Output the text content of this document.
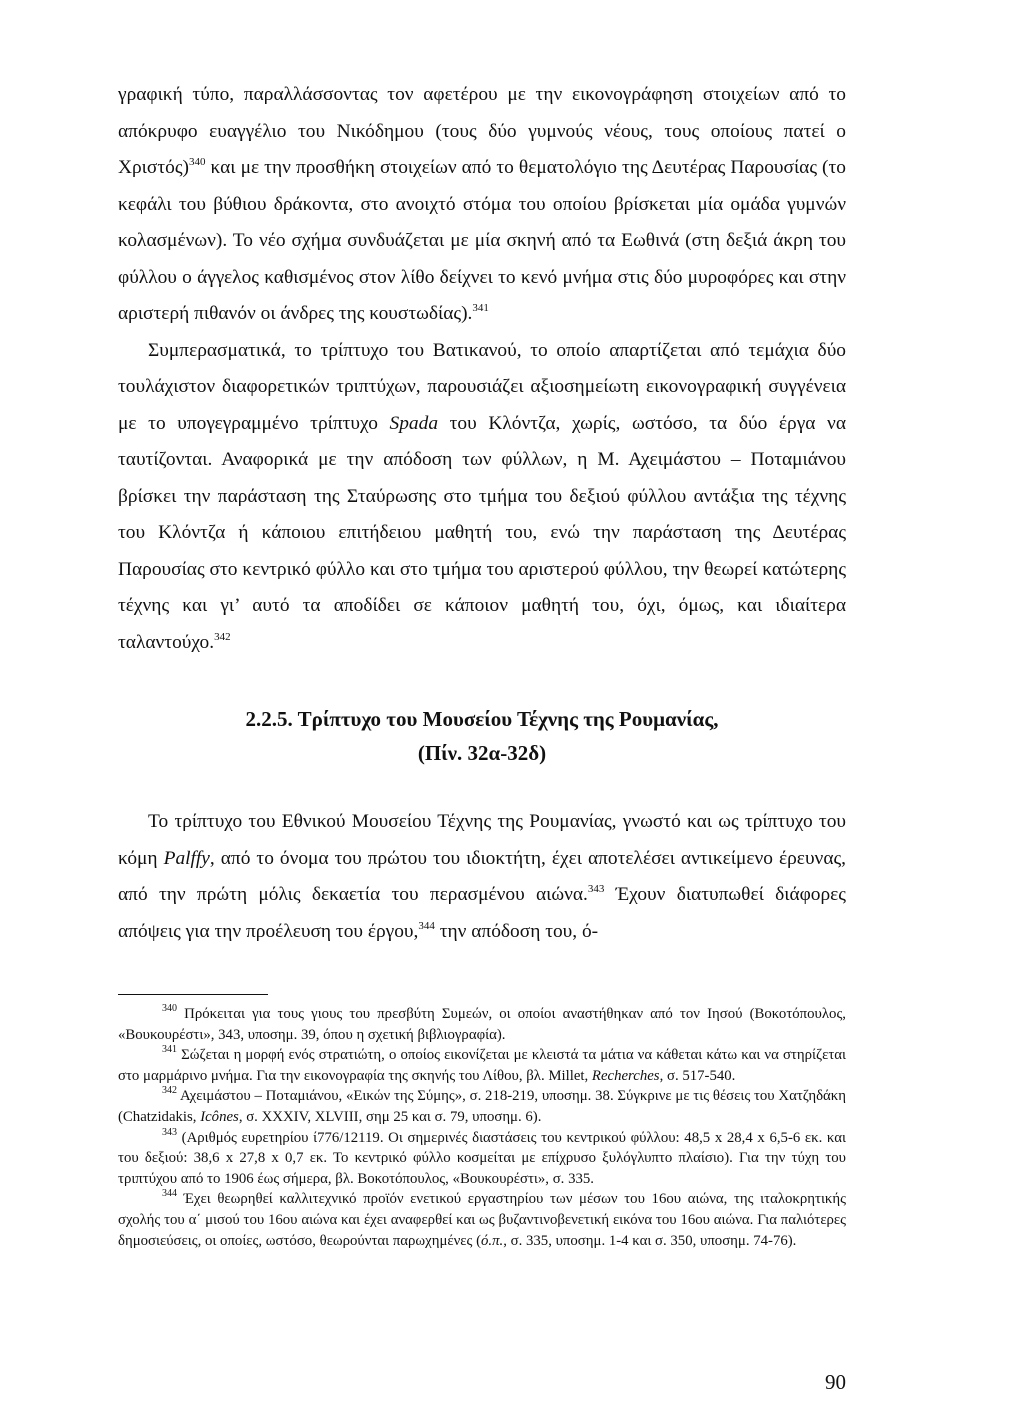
γραφική τύπο, παραλλάσσοντας τον αφετέρου με την εικονογράφηση στοιχείων από το απόκρυφο ευαγγέλιο του Νικόδημου (τους δύο γυμνούς νέους, τους οποίους πατεί ο Χριστός)$^{340}$ και με την προσθήκη στοιχείων από το θεματολόγιο της Δευτέρας Παρουσίας (το κεφάλι του βύθιου δράκοντα, στο ανοιχτό στόμα του οποίου βρίσκεται μία ομάδα γυμνών κολασμένων). Το νέο σχήμα συνδυάζεται με μία σκηνή από τα Εωθινά (στη δεξιά άκρη του φύλλου ο άγγελος καθισμένος στον λίθο δείχνει το κενό μνήμα στις δύο μυροφόρες και στην αριστερή πιθανόν οι άνδρες της κουστωδίας).$^{341}$

Συμπερασματικά, το τρίπτυχο του Βατικανού, το οποίο απαρτίζεται από τεμάχια δύο τουλάχιστον διαφορετικών τριπτύχων, παρουσιάζει αξιοσημείωτη εικονογραφική συγγένεια με το υπογεγραμμένο τρίπτυχο Spada του Κλόντζα, χωρίς, ωστόσο, τα δύο έργα να ταυτίζονται. Αναφορικά με την απόδοση των φύλλων, η Μ. Αχειμάστου – Ποταμιάνου βρίσκει την παράσταση της Σταύρωσης στο τμήμα του δεξιού φύλλου αντάξια της τέχνης του Κλόντζα ή κάποιου επιτήδειου μαθητή του, ενώ την παράσταση της Δευτέρας Παρουσίας στο κεντρικό φύλλο και στο τμήμα του αριστερού φύλλου, την θεωρεί κατώτερης τέχνης και γι’ αυτό τα αποδίδει σε κάποιον μαθητή του, όχι, όμως, και ιδιαίτερα ταλαντούχο.$^{342}$

2.2.5. Τρίπτυχο του Μουσείου Τέχνης της Ρουμανίας,
(Πίν. 32α-32δ)

Το τρίπτυχο του Εθνικού Μουσείου Τέχνης της Ρουμανίας, γνωστό και ως τρίπτυχο του κόμη Palffy, από το όνομα του πρώτου του ιδιοκτήτη, έχει αποτελέσει αντικείμενο έρευνας, από την πρώτη μόλις δεκαετία του περασμένου αιώνα.$^{343}$ Έχουν διατυπωθεί διάφορες απόψεις για την προέλευση του έργου,$^{344}$ την απόδοση του, ό-

$^{340}$ Πρόκειται για τους γιους του πρεσβύτη Συμεών, οι οποίοι αναστήθηκαν από τον Ιησού (Βοκοτόπουλος, «Βουκουρέστι», 343, υποσημ. 39, όπου η σχετική βιβλιογραφία).

$^{341}$ Σώζεται η μορφή ενός στρατιώτη, ο οποίος εικονίζεται με κλειστά τα μάτια να κάθεται κάτω και να στηρίζεται στο μαρμάρινο μνήμα. Για την εικονογραφία της σκηνής του Λίθου, βλ. Millet, Recherches, σ. 517-540.

$^{342}$ Αχειμάστου – Ποταμιάνου, «Εικών της Σύμης», σ. 218-219, υποσημ. 38. Σύγκρινε με τις θέσεις του Χατζηδάκη (Chatzidakis, Icônes, σ. XXXIV, XLVIII, σημ 25 και σ. 79, υποσημ. 6).

$^{343}$ (Αριθμός ευρετηρίου ί776/12119. Οι σημερινές διαστάσεις του κεντρικού φύλλου: 48,5 x 28,4 x 6,5-6 εκ. και του δεξιού: 38,6 x 27,8 x 0,7 εκ. Το κεντρικό φύλλο κοσμείται με επίχρυσο ξυλόγλυπτο πλαίσιο). Για την τύχη του τριπτύχου από το 1906 έως σήμερα, βλ. Βοκοτόπουλος, «Βουκουρέστι», σ. 335.

$^{344}$ Έχει θεωρηθεί καλλιτεχνικό προϊόν ενετικού εργαστηρίου των μέσων του 16ου αιώνα, της ιταλοκρητικής σχολής του α΄ μισού του 16ου αιώνα και έχει αναφερθεί και ως βυζαντινοβενετική εικόνα του 16ου αιώνα. Για παλιότερες δημοσιεύσεις, οι οποίες, ωστόσο, θεωρούνται παρωχημένες (ό.π., σ. 335, υποσημ. 1-4 και σ. 350, υποσημ. 74-76).

90
